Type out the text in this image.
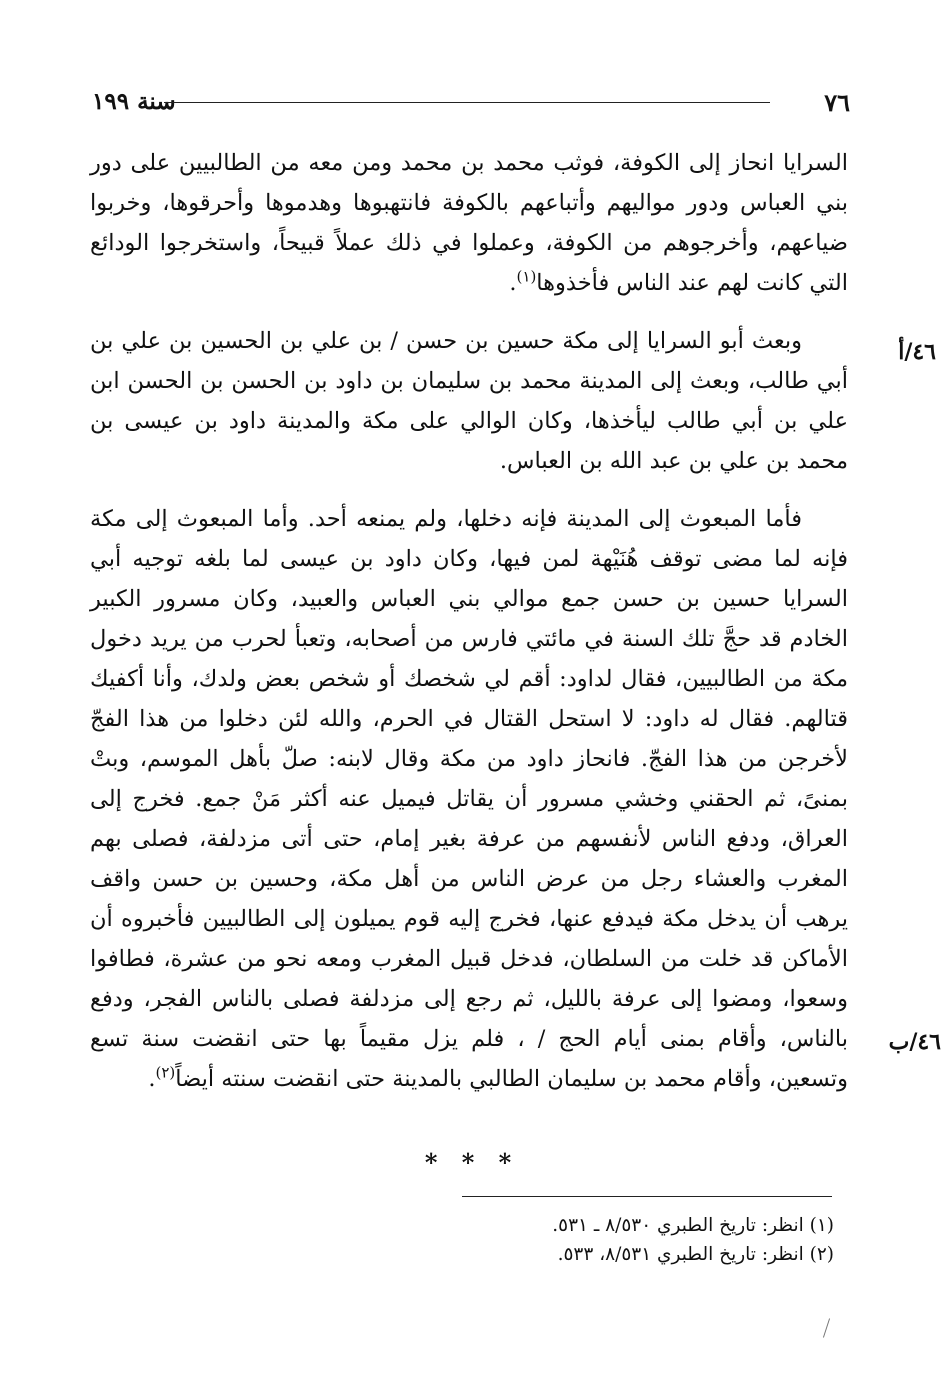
٧٦
سنة ١٩٩
٤٦/أ
٤٦/ب

السرايا انحاز إلى الكوفة، فوثب محمد بن محمد ومن معه من الطالبيين على دور بني العباس ودور مواليهم وأتباعهم بالكوفة فانتهبوها وهدموها وأحرقوها، وخربوا ضياعهم، وأخرجوهم من الكوفة، وعملوا في ذلك عملاً قبيحاً، واستخرجوا الودائع التي كانت لهم عند الناس فأخذوها$^{(١)}$.

وبعث أبو السرايا إلى مكة حسين بن حسن / بن علي بن الحسين بن علي بن أبي طالب، وبعث إلى المدينة محمد بن سليمان بن داود بن الحسن بن الحسن ابن علي بن أبي طالب ليأخذها، وكان الوالي على مكة والمدينة داود بن عيسى بن محمد بن علي بن عبد الله بن العباس.

فأما المبعوث إلى المدينة فإنه دخلها، ولم يمنعه أحد. وأما المبعوث إلى مكة فإنه لما مضى توقف هُنَيْهة لمن فيها، وكان داود بن عيسى لما بلغه توجيه أبي السرايا حسين بن حسن جمع موالي بني العباس والعبيد، وكان مسرور الكبير الخادم قد حجَّ تلك السنة في مائتي فارس من أصحابه، وتعبأ لحرب من يريد دخول مكة من الطالبيين، فقال لداود: أقم لي شخصك أو شخص بعض ولدك، وأنا أكفيك قتالهم. فقال له داود: لا استحل القتال في الحرم، والله لئن دخلوا من هذا الفجّ لأخرجن من هذا الفجّ. فانحاز داود من مكة وقال لابنه: صلّ بأهل الموسم، وبتْ بمنىً، ثم الحقني وخشي مسرور أن يقاتل فيميل عنه أكثر مَنْ جمع. فخرج إلى العراق، ودفع الناس لأنفسهم من عرفة بغير إمام، حتى أتى مزدلفة، فصلى بهم المغرب والعشاء رجل من عرض الناس من أهل مكة، وحسين بن حسن واقف يرهب أن يدخل مكة فيدفع عنها، فخرج إليه قوم يميلون إلى الطالبيين فأخبروه أن الأماكن قد خلت من السلطان، فدخل قبيل المغرب ومعه نحو من عشرة، فطافوا وسعوا، ومضوا إلى عرفة بالليل، ثم رجع إلى مزدلفة فصلى بالناس الفجر، ودفع بالناس، وأقام بمنى أيام الحج / ، فلم يزل مقيماً بها حتى انقضت سنة تسع وتسعين، وأقام محمد بن سليمان الطالبي بالمدينة حتى انقضت سنته أيضاً$^{(٢)}$.

* * *

(١) انظر: تاريخ الطبري ٨/٥٣٠ ـ ٥٣١.

(٢) انظر: تاريخ الطبري ٨/٥٣١، ٥٣٣.
